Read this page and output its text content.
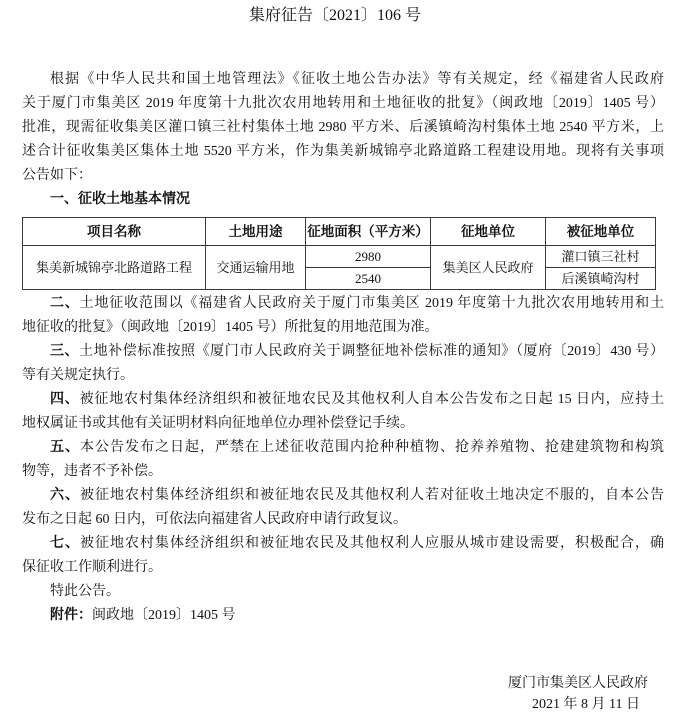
集府征告〔2021〕106 号
根据《中华人民共和国土地管理法》《征收土地公告办法》等有关规定，经《福建省人民政府
关于厦门市集美区 2019 年度第十九批次农用地转用和土地征收的批复》（闽政地〔2019〕1405 号）
批准，现需征收集美区灌口镇三社村集体土地 2980 平方米、后溪镇崎沟村集体土地 2540 平方米，上
述合计征收集美区集体土地 5520 平方米，作为集美新城锦亭北路道路工程建设用地。现将有关事项
公告如下：
一、征收土地基本情况
项目名称	土地用途	征地面积（平方米）	征地单位	被征地单位
集美新城锦亭北路道路工程	交通运输用地	2980	集美区人民政府	灌口镇三社村
		2540		后溪镇崎沟村
二、土地征收范围以《福建省人民政府关于厦门市集美区 2019 年度第十九批次农用地转用和土
地征收的批复》（闽政地〔2019〕1405 号）所批复的用地范围为准。
三、土地补偿标准按照《厦门市人民政府关于调整征地补偿标准的通知》（厦府〔2019〕430 号）
等有关规定执行。
四、被征地农村集体经济组织和被征地农民及其他权利人自本公告发布之日起 15 日内，应持土
地权属证书或其他有关证明材料向征地单位办理补偿登记手续。
五、本公告发布之日起，严禁在上述征收范围内抢种种植物、抢养养殖物、抢建建筑物和构筑
物等，违者不予补偿。
六、被征地农村集体经济组织和被征地农民及其他权利人若对征收土地决定不服的，自本公告
发布之日起 60 日内，可依法向福建省人民政府申请行政复议。
七、被征地农村集体经济组织和被征地农民及其他权利人应服从城市建设需要，积极配合，确
保征收工作顺利进行。
特此公告。
附件：闽政地〔2019〕1405 号
厦门市集美区人民政府
2021 年 8 月 11 日
